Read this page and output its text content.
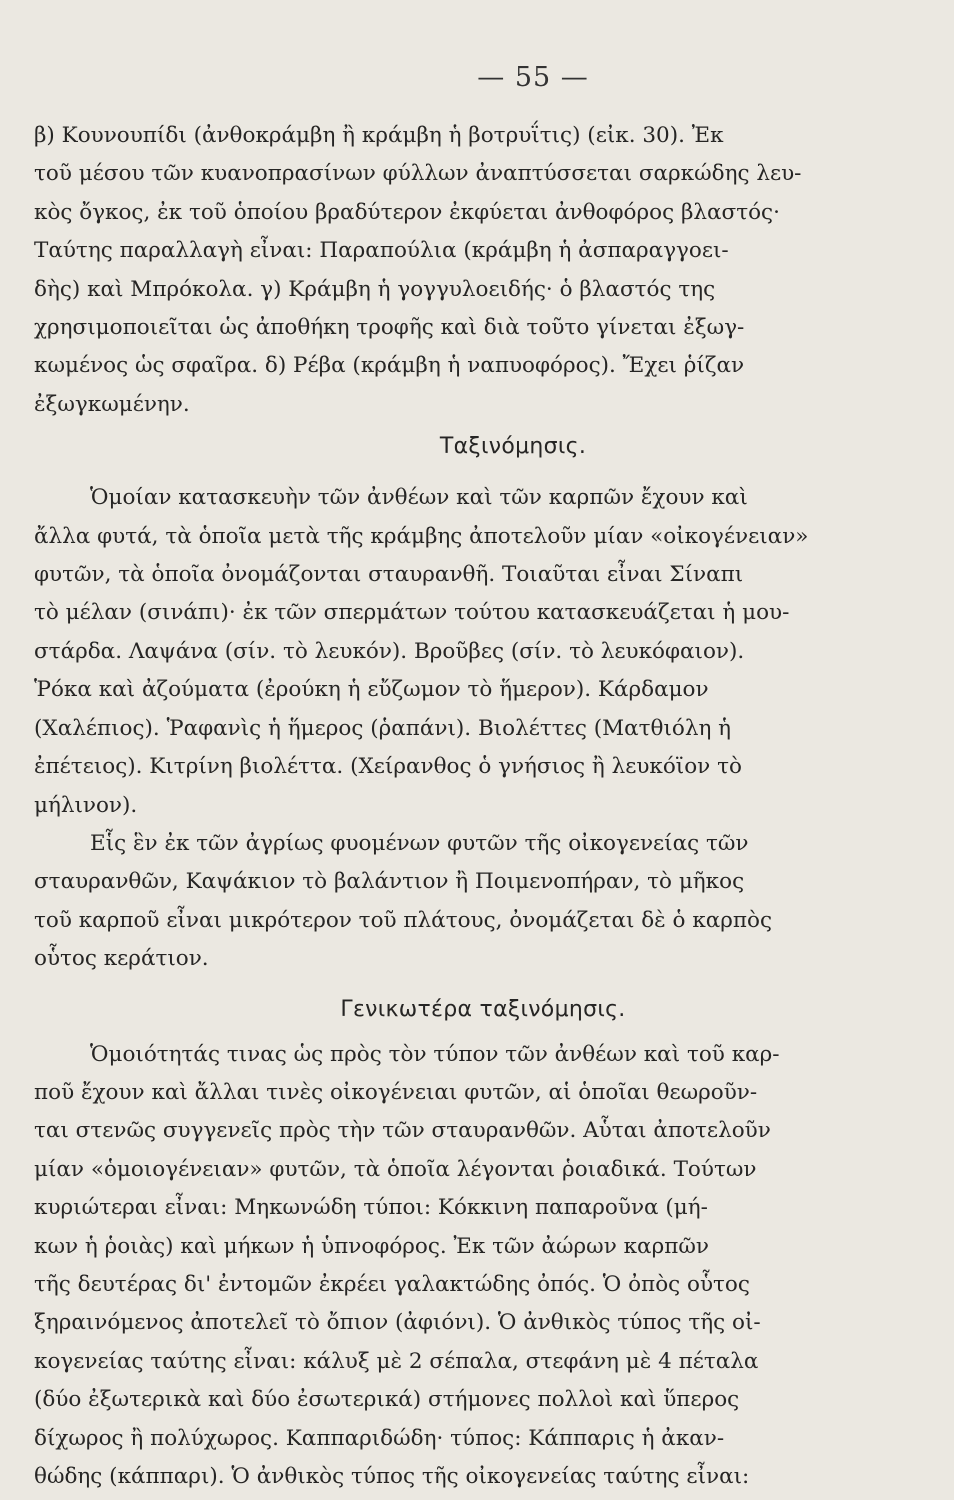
— 55 —
β) Κουνουπίδι (ἀνθοκράμβη ἢ κράμβη ἡ βοτρυΐτις) (εἰκ. 30). Ἐκ
τοῦ μέσου τῶν κυανοπρασίνων φύλλων ἀναπτύσσεται σαρκώδης λευ-
κὸς ὄγκος, ἐκ τοῦ ὁποίου βραδύτερον ἐκφύεται ἀνθοφόρος βλαστός·
Ταύτης παραλλαγὴ εἶναι: Παραπούλια (κράμβη ἡ ἀσπαραγγοει-
δὴς) καὶ Μπρόκολα. γ) Κράμβη ἡ γογγυλοειδής· ὁ βλαστός της
χρησιμοποιεῖται ὡς ἀποθήκη τροφῆς καὶ διὰ τοῦτο γίνεται ἐξωγ-
κωμένος ὡς σφαῖρα. δ) Ρέβα (κράμβη ἡ ναπυοφόρος). Ἔχει ῥίζαν
ἐξωγκωμένην.
Ταξινόμησις.
Ὁμοίαν κατασκευὴν τῶν ἀνθέων καὶ τῶν καρπῶν ἔχουν καὶ
ἄλλα φυτά, τὰ ὁποῖα μετὰ τῆς κράμβης ἀποτελοῦν μίαν «οἰκογένειαν»
φυτῶν, τὰ ὁποῖα ὀνομάζονται σταυρανθῆ. Τοιαῦται εἶναι Σίναπι
τὸ μέλαν (σινάπι)· ἐκ τῶν σπερμάτων τούτου κατασκευάζεται ἡ μου-
στάρδα. Λαψάνα (σίν. τὸ λευκόν). Βροῦβες (σίν. τὸ λευκόφαιον).
Ῥόκα καὶ ἀζούματα (ἐρούκη ἡ εὔζωμον τὸ ἥμερον). Κάρδαμον
(Χαλέπιος). Ῥαφανὶς ἡ ἥμερος (ῥαπάνι). Βιολέττες (Ματθιόλη ἡ
ἐπέτειος). Κιτρίνη βιολέττα. (Χείρανθος ὁ γνήσιος ἢ λευκόϊον τὸ
μήλινον).
Εἷς ἓν ἐκ τῶν ἀγρίως φυομένων φυτῶν τῆς οἰκογενείας τῶν
σταυρανθῶν, Καψάκιον τὸ βαλάντιον ἢ Ποιμενοπήραν, τὸ μῆκος
τοῦ καρποῦ εἶναι μικρότερον τοῦ πλάτους, ὀνομάζεται δὲ ὁ καρπὸς
οὗτος κεράτιον.
Γενικωτέρα ταξινόμησις.
Ὁμοιότητάς τινας ὡς πρὸς τὸν τύπον τῶν ἀνθέων καὶ τοῦ καρ-
ποῦ ἔχουν καὶ ἄλλαι τινὲς οἰκογένειαι φυτῶν, αἱ ὁποῖαι θεωροῦν-
ται στενῶς συγγενεῖς πρὸς τὴν τῶν σταυρανθῶν. Αὗται ἀποτελοῦν
μίαν «ὁμοιογένειαν» φυτῶν, τὰ ὁποῖα λέγονται ῥοιαδικά. Τούτων
κυριώτεραι εἶναι: Μηκωνώδη τύποι: Κόκκινη παπαροῦνα (μή-
κων ἡ ῥοιὰς) καὶ μήκων ἡ ὑπνοφόρος. Ἐκ τῶν ἀώρων καρπῶν
τῆς δευτέρας δι' ἐντομῶν ἐκρέει γαλακτώδης ὀπός. Ὁ ὀπὸς οὗτος
ξηραινόμενος ἀποτελεῖ τὸ ὄπιον (ἀφιόνι). Ὁ ἀνθικὸς τύπος τῆς οἰ-
κογενείας ταύτης εἶναι: κάλυξ μὲ 2 σέπαλα, στεφάνη μὲ 4 πέταλα
(δύο ἐξωτερικὰ καὶ δύο ἐσωτερικά) στήμονες πολλοὶ καὶ ὕπερος
δίχωρος ἢ πολύχωρος. Καππαριδώδη· τύπος: Κάππαρις ἡ ἀκαν-
θώδης (κάππαρι). Ὁ ἀνθικὸς τύπος τῆς οἰκογενείας ταύτης εἶναι:
